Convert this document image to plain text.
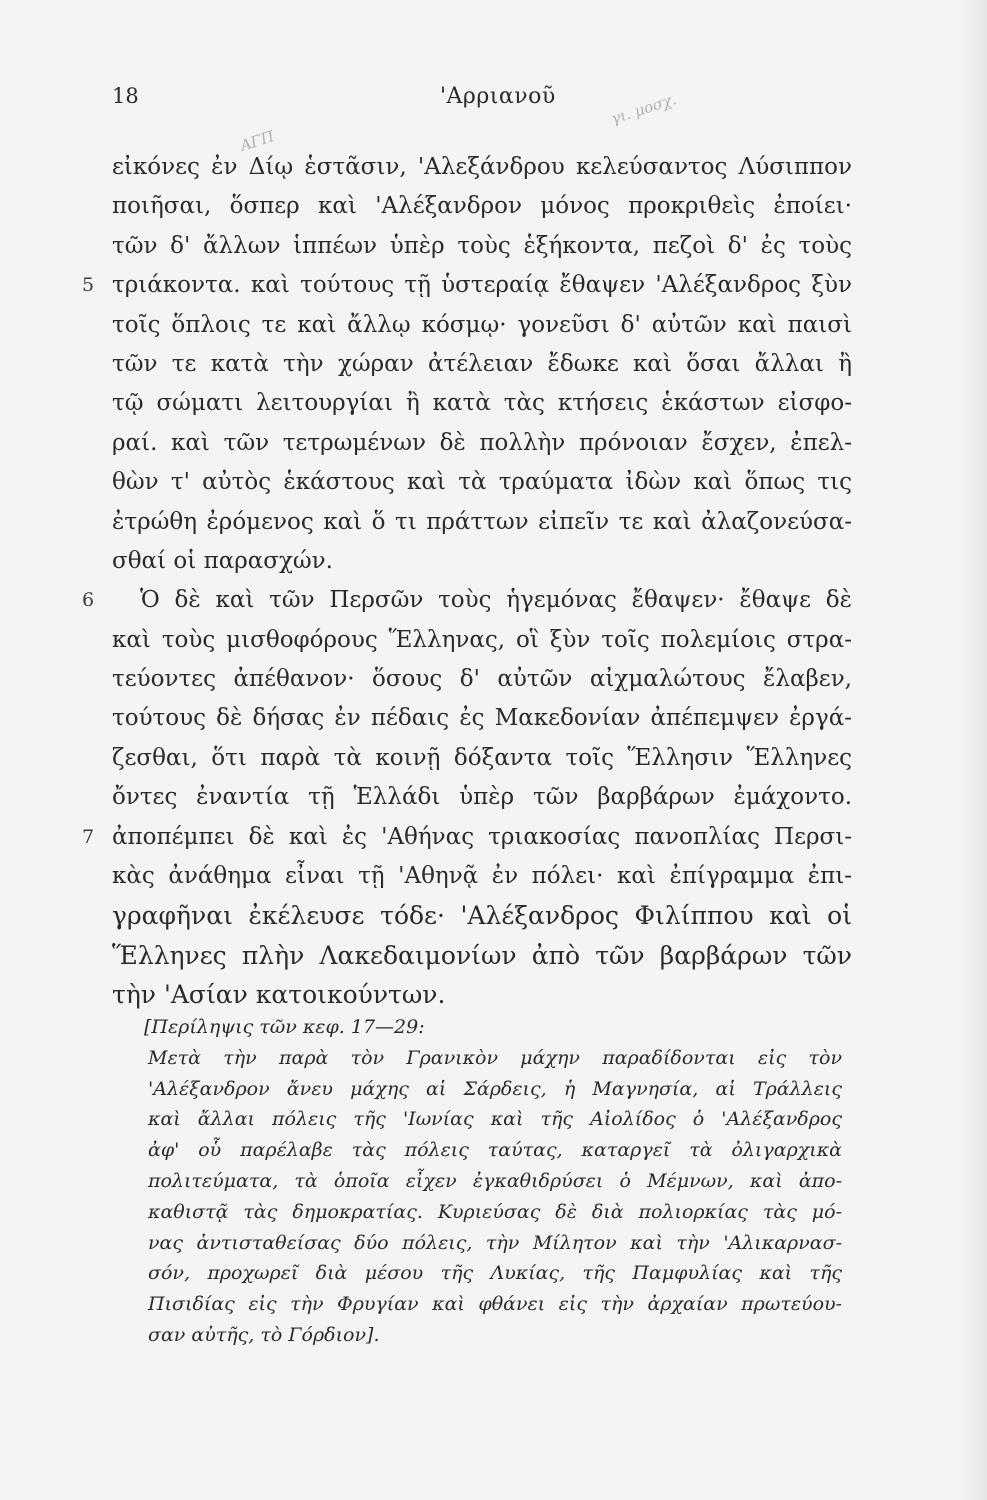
18	'Αρριανοῦ
ΑΓΠ
γι. μοσχ.
εἰκόνες ἐν Δίῳ ἑστᾶσιν, 'Αλεξάνδρου κελεύσαντος Λύσιππον
ποιῆσαι, ὅσπερ καὶ 'Αλέξανδρον μόνος προκριθεὶς ἐποίει·
τῶν δ' ἄλλων ἱππέων ὑπὲρ τοὺς ἑξήκοντα, πεζοὶ δ' ἐς τοὺς
5 τριάκοντα. καὶ τούτους τῇ ὑστεραίᾳ ἔθαψεν 'Αλέξανδρος ξὺν
τοῖς ὅπλοις τε καὶ ἄλλῳ κόσμῳ· γονεῦσι δ' αὐτῶν καὶ παισὶ
τῶν τε κατὰ τὴν χώραν ἀτέλειαν ἔδωκε καὶ ὅσαι ἄλλαι ἢ
τῷ σώματι λειτουργίαι ἢ κατὰ τὰς κτήσεις ἑκάστων εἰσφο-
ραί. καὶ τῶν τετρωμένων δὲ πολλὴν πρόνοιαν ἔσχεν, ἐπελ-
θὼν τ' αὐτὸς ἑκάστους καὶ τὰ τραύματα ἰδὼν καὶ ὅπως τις
ἐτρώθη ἐρόμενος καὶ ὅ τι πράττων εἰπεῖν τε καὶ ἀλαζονεύσα-
σθαί οἱ παρασχών.
6 Ὁ δὲ καὶ τῶν Περσῶν τοὺς ἡγεμόνας ἔθαψεν· ἔθαψε δὲ
καὶ τοὺς μισθοφόρους Ἕλληνας, οἳ ξὺν τοῖς πολεμίοις στρα-
τεύοντες ἀπέθανον· ὅσους δ' αὐτῶν αἰχμαλώτους ἔλαβεν,
τούτους δὲ δήσας ἐν πέδαις ἐς Μακεδονίαν ἀπέπεμψεν ἐργά-
ζεσθαι, ὅτι παρὰ τὰ κοινῇ δόξαντα τοῖς Ἕλλησιν Ἕλληνες
ὄντες ἐναντία τῇ Ἑλλάδι ὑπὲρ τῶν βαρβάρων ἐμάχοντο.
7 ἀποπέμπει δὲ καὶ ἐς 'Αθήνας τριακοσίας πανοπλίας Περσι-
κὰς ἀνάθημα εἶναι τῇ 'Αθηνᾷ ἐν πόλει· καὶ ἐπίγραμμα ἐπι-
γραφῆναι ἐκέλευσε τόδε· 'Αλέξανδρος Φιλίππου καὶ οἱ
Ἕλληνες πλὴν Λακεδαιμονίων ἀπὸ τῶν βαρβάρων τῶν
τὴν 'Ασίαν κατοικούντων.
[Περίληψις τῶν κεφ. 17—29:
Μετὰ τὴν παρὰ τὸν Γρανικὸν μάχην παραδίδονται εἰς τὸν
'Αλέξανδρον ἄνευ μάχης αἱ Σάρδεις, ἡ Μαγνησία, αἱ Τράλλεις
καὶ ἄλλαι πόλεις τῆς 'Ιωνίας καὶ τῆς Αἰολίδος ὁ 'Αλέξανδρος
ἀφ' οὗ παρέλαβε τὰς πόλεις ταύτας, καταργεῖ τὰ ὀλιγαρχικὰ
πολιτεύματα, τὰ ὁποῖα εἶχεν ἐγκαθιδρύσει ὁ Μέμνων, καὶ ἀπο-
καθιστᾷ τὰς δημοκρατίας. Κυριεύσας δὲ διὰ πολιορκίας τὰς μό-
νας ἀντισταθείσας δύο πόλεις, τὴν Μίλητον καὶ τὴν 'Αλικαρνασ-
σόν, προχωρεῖ διὰ μέσου τῆς Λυκίας, τῆς Παμφυλίας καὶ τῆς
Πισιδίας εἰς τὴν Φρυγίαν καὶ φθάνει εἰς τὴν ἀρχαίαν πρωτεύου-
σαν αὐτῆς, τὸ Γόρδιον].
